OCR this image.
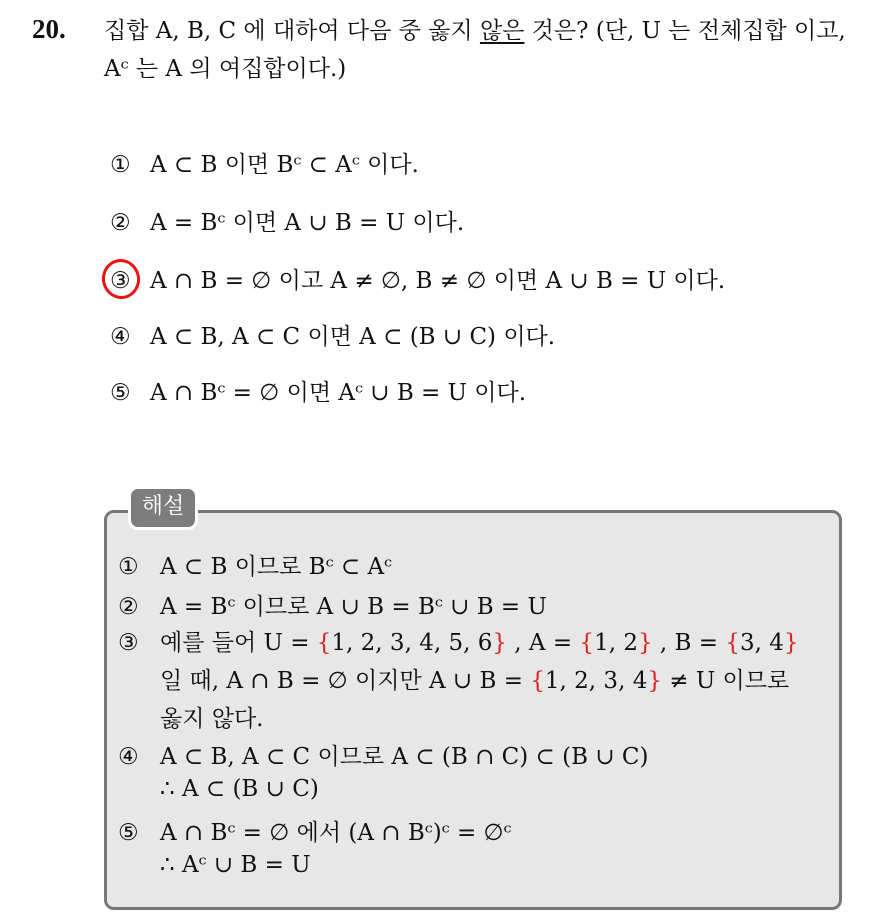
20. 집합 A, B, C 에 대하여 다음 중 옳지 않은 것은? (단, U 는 전체집합 이고, Aᶜ 는 A 의 여집합이다.)
① A ⊂ B 이면 Bᶜ ⊂ Aᶜ 이다.
② A = Bᶜ 이면 A ∪ B = U 이다.
③ A ∩ B = ∅ 이고 A ≠ ∅, B ≠ ∅ 이면 A ∪ B = U 이다.
④ A ⊂ B, A ⊂ C 이면 A ⊂ (B ∪ C) 이다.
⑤ A ∩ Bᶜ = ∅ 이면 Aᶜ ∪ B = U 이다.
해설
① A ⊂ B 이므로 Bᶜ ⊂ Aᶜ
② A = Bᶜ 이므로 A ∪ B = Bᶜ ∪ B = U
③ 예를 들어 U = {1, 2, 3, 4, 5, 6} , A = {1, 2} , B = {3, 4}
일 때, A ∩ B = ∅ 이지만 A ∪ B = {1, 2, 3, 4} ≠ U 이므로
옳지 않다.
④ A ⊂ B, A ⊂ C 이므로 A ⊂ (B ∩ C) ⊂ (B ∪ C)
∴ A ⊂ (B ∪ C)
⑤ A ∩ Bᶜ = ∅ 에서 (A ∩ Bᶜ)ᶜ = ∅ᶜ
∴ Aᶜ ∪ B = U
